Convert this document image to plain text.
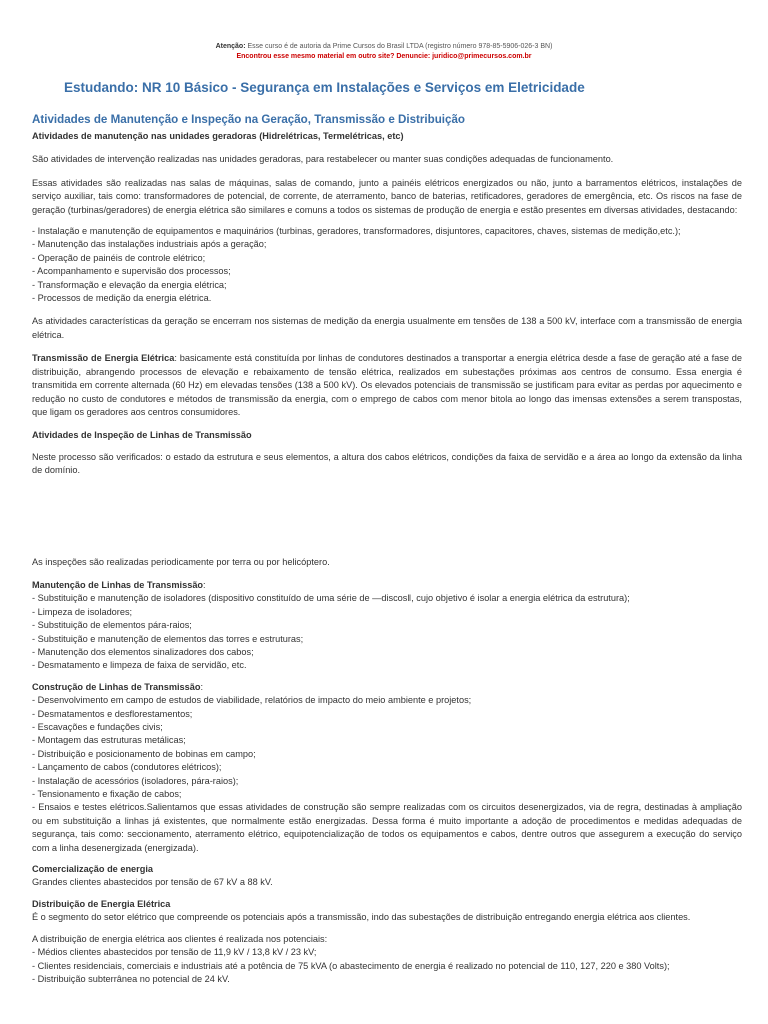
Atenção: Esse curso é de autoria da Prime Cursos do Brasil LTDA (registro número 978-85-5906-026-3 BN)
Encontrou esse mesmo material em outro site? Denuncie: juridico@primecursos.com.br
Estudando: NR 10 Básico - Segurança em Instalações e Serviços em Eletricidade
Atividades de Manutenção e Inspeção na Geração, Transmissão e Distribuição

Atividades de manutenção nas unidades geradoras (Hidrelétricas, Termelétricas, etc)

São atividades de intervenção realizadas nas unidades geradoras, para restabelecer ou manter suas condições adequadas de funcionamento.

Essas atividades são realizadas nas salas de máquinas, salas de comando, junto a painéis elétricos energizados ou não, junto a barramentos elétricos, instalações de serviço auxiliar, tais como: transformadores de potencial, de corrente, de aterramento, banco de baterias, retificadores, geradores de emergência, etc. Os riscos na fase de geração (turbinas/geradores) de energia elétrica são similares e comuns a todos os sistemas de produção de energia e estão presentes em diversas atividades, destacando:

- Instalação e manutenção de equipamentos e maquinários (turbinas, geradores, transformadores, disjuntores, capacitores, chaves, sistemas de medição,etc.);
- Manutenção das instalações industriais após a geração;
- Operação de painéis de controle elétrico;
- Acompanhamento e supervisão dos processos;
- Transformação e elevação da energia elétrica;
- Processos de medição da energia elétrica.

As atividades características da geração se encerram nos sistemas de medição da energia usualmente em tensões de 138 a 500 kV, interface com a transmissão de energia elétrica.

Transmissão de Energia Elétrica: basicamente está constituída por linhas de condutores destinados a transportar a energia elétrica desde a fase de geração até a fase de distribuição, abrangendo processos de elevação e rebaixamento de tensão elétrica, realizados em subestações próximas aos centros de consumo. Essa energia é transmitida em corrente alternada (60 Hz) em elevadas tensões (138 a 500 kV). Os elevados potenciais de transmissão se justificam para evitar as perdas por aquecimento e redução no custo de condutores e métodos de transmissão da energia, com o emprego de cabos com menor bitola ao longo das imensas extensões a serem transpostas, que ligam os geradores aos centros consumidores.

Atividades de Inspeção de Linhas de Transmissão

Neste processo são verificados: o estado da estrutura e seus elementos, a altura dos cabos elétricos, condições da faixa de servidão e a área ao longo da extensão da linha de domínio.

As inspeções são realizadas periodicamente por terra ou por helicóptero.

Manutenção de Linhas de Transmissão:

- Substituição e manutenção de isoladores (dispositivo constituído de uma série de ―discos‖, cujo objetivo é isolar a energia elétrica da estrutura);
- Limpeza de isoladores;
- Substituição de elementos pára-raios;
- Substituição e manutenção de elementos das torres e estruturas;
- Manutenção dos elementos sinalizadores dos cabos;
- Desmatamento e limpeza de faixa de servidão, etc.

Construção de Linhas de Transmissão:

- Desenvolvimento em campo de estudos de viabilidade, relatórios de impacto do meio ambiente e projetos;
- Desmatamentos e desflorestamentos;
- Escavações e fundações civis;
- Montagem das estruturas metálicas;
- Distribuição e posicionamento de bobinas em campo;
- Lançamento de cabos (condutores elétricos);
- Instalação de acessórios (isoladores, pára-raios);
- Tensionamento e fixação de cabos;
- Ensaios e testes elétricos.Salientamos que essas atividades de construção são sempre realizadas com os circuitos desenergizados, via de regra, destinadas à ampliação ou em substituição a linhas já existentes, que normalmente estão energizadas. Dessa forma é muito importante a adoção de procedimentos e medidas adequadas de segurança, tais como: seccionamento, aterramento elétrico, equipotencialização de todos os equipamentos e cabos, dentre outros que assegurem a execução do serviço com a linha desenergizada (energizada).

Comercialização de energia

Grandes clientes abastecidos por tensão de 67 kV a 88 kV.

Distribuição de Energia Elétrica

É o segmento do setor elétrico que compreende os potenciais após a transmissão, indo das subestações de distribuição entregando energia elétrica aos clientes.

A distribuição de energia elétrica aos clientes é realizada nos potenciais:

- Médios clientes abastecidos por tensão de 11,9 kV / 13,8 kV / 23 kV;
- Clientes residenciais, comerciais e industriais até a potência de 75 kVA (o abastecimento de energia é realizado no potencial de 110, 127, 220 e 380 Volts);
- Distribuição subterrânea no potencial de 24 kV.
